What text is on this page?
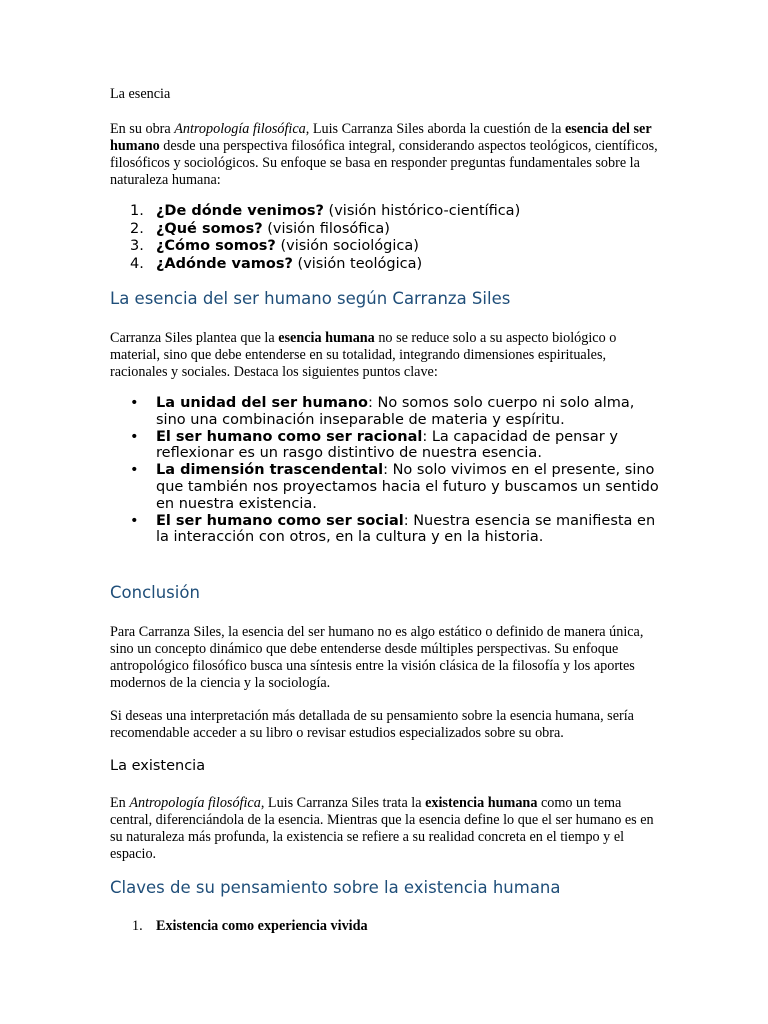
La esencia

En su obra Antropología filosófica, Luis Carranza Siles aborda la cuestión de la esencia del ser humano desde una perspectiva filosófica integral, considerando aspectos teológicos, científicos, filosóficos y sociológicos. Su enfoque se basa en responder preguntas fundamentales sobre la naturaleza humana:

1. ¿De dónde venimos? (visión histórico-científica)
2. ¿Qué somos? (visión filosófica)
3. ¿Cómo somos? (visión sociológica)
4. ¿Adónde vamos? (visión teológica)
La esencia del ser humano según Carranza Siles

Carranza Siles plantea que la esencia humana no se reduce solo a su aspecto biológico o material, sino que debe entenderse en su totalidad, integrando dimensiones espirituales, racionales y sociales. Destaca los siguientes puntos clave:

• La unidad del ser humano: No somos solo cuerpo ni solo alma, sino una combinación inseparable de materia y espíritu.
• El ser humano como ser racional: La capacidad de pensar y reflexionar es un rasgo distintivo de nuestra esencia.
• La dimensión trascendental: No solo vivimos en el presente, sino que también nos proyectamos hacia el futuro y buscamos un sentido en nuestra existencia.
• El ser humano como ser social: Nuestra esencia se manifiesta en la interacción con otros, en la cultura y en la historia.
Conclusión

Para Carranza Siles, la esencia del ser humano no es algo estático o definido de manera única, sino un concepto dinámico que debe entenderse desde múltiples perspectivas. Su enfoque antropológico filosófico busca una síntesis entre la visión clásica de la filosofía y los aportes modernos de la ciencia y la sociología.

Si deseas una interpretación más detallada de su pensamiento sobre la esencia humana, sería recomendable acceder a su libro o revisar estudios especializados sobre su obra.

La existencia

En Antropología filosófica, Luis Carranza Siles trata la existencia humana como un tema central, diferenciándola de la esencia. Mientras que la esencia define lo que el ser humano es en su naturaleza más profunda, la existencia se refiere a su realidad concreta en el tiempo y el espacio.

Claves de su pensamiento sobre la existencia humana
1. Existencia como experiencia vivida
